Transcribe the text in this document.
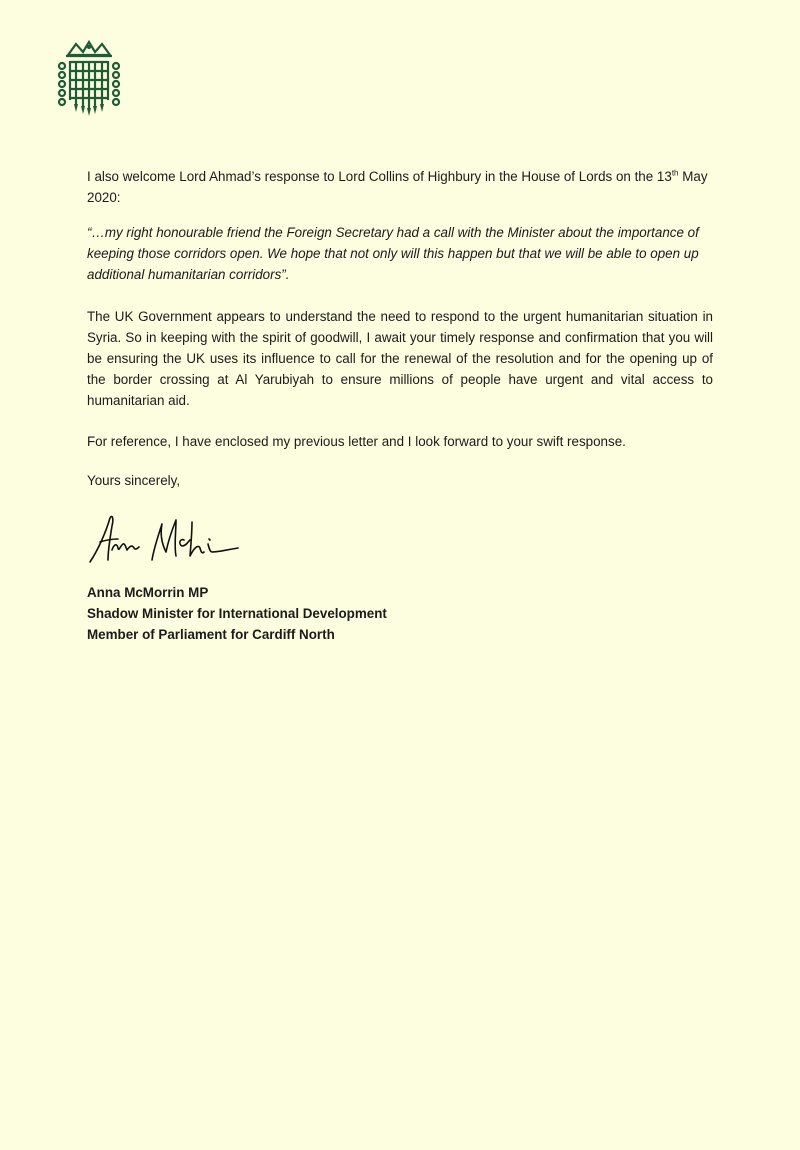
I also welcome Lord Ahmad’s response to Lord Collins of Highbury in the House of Lords on the 13th May 2020:

“…my right honourable friend the Foreign Secretary had a call with the Minister about the importance of keeping those corridors open. We hope that not only will this happen but that we will be able to open up additional humanitarian corridors”.

The UK Government appears to understand the need to respond to the urgent humanitarian situation in Syria. So in keeping with the spirit of goodwill, I await your timely response and confirmation that you will be ensuring the UK uses its influence to call for the renewal of the resolution and for the opening up of the border crossing at Al Yarubiyah to ensure millions of people have urgent and vital access to humanitarian aid.

For reference, I have enclosed my previous letter and I look forward to your swift response.

Yours sincerely,

Anna McMorrin MP
Shadow Minister for International Development
Member of Parliament for Cardiff North
